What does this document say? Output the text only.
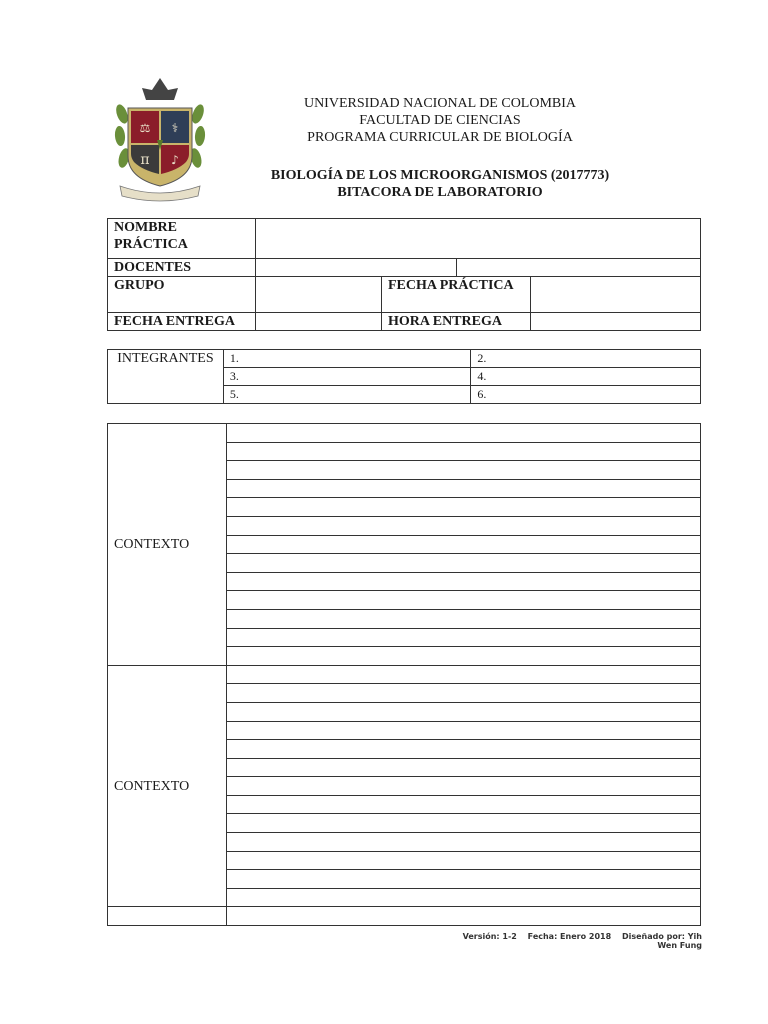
⚖ ⚕
π ♪
UNIVERSIDAD NACIONAL DE COLOMBIA
FACULTAD DE CIENCIAS
PROGRAMA CURRICULAR DE BIOLOGÍA
BIOLOGÍA DE LOS MICROORGANISMOS (2017773)
BITACORA DE LABORATORIO
NOMBRE PRÁCTICA				
DOCENTES				
GRUPO		FECHA PRÁCTICA		
FECHA ENTREGA		HORA ENTREGA		
INTEGRANTES	1.	2.
	3.	4.
	5.	6.
CONTEXTO	

CONTEXTO	

Versión: 1-2 Fecha: Enero 2018 Diseñado por: Yih Wen Fung
